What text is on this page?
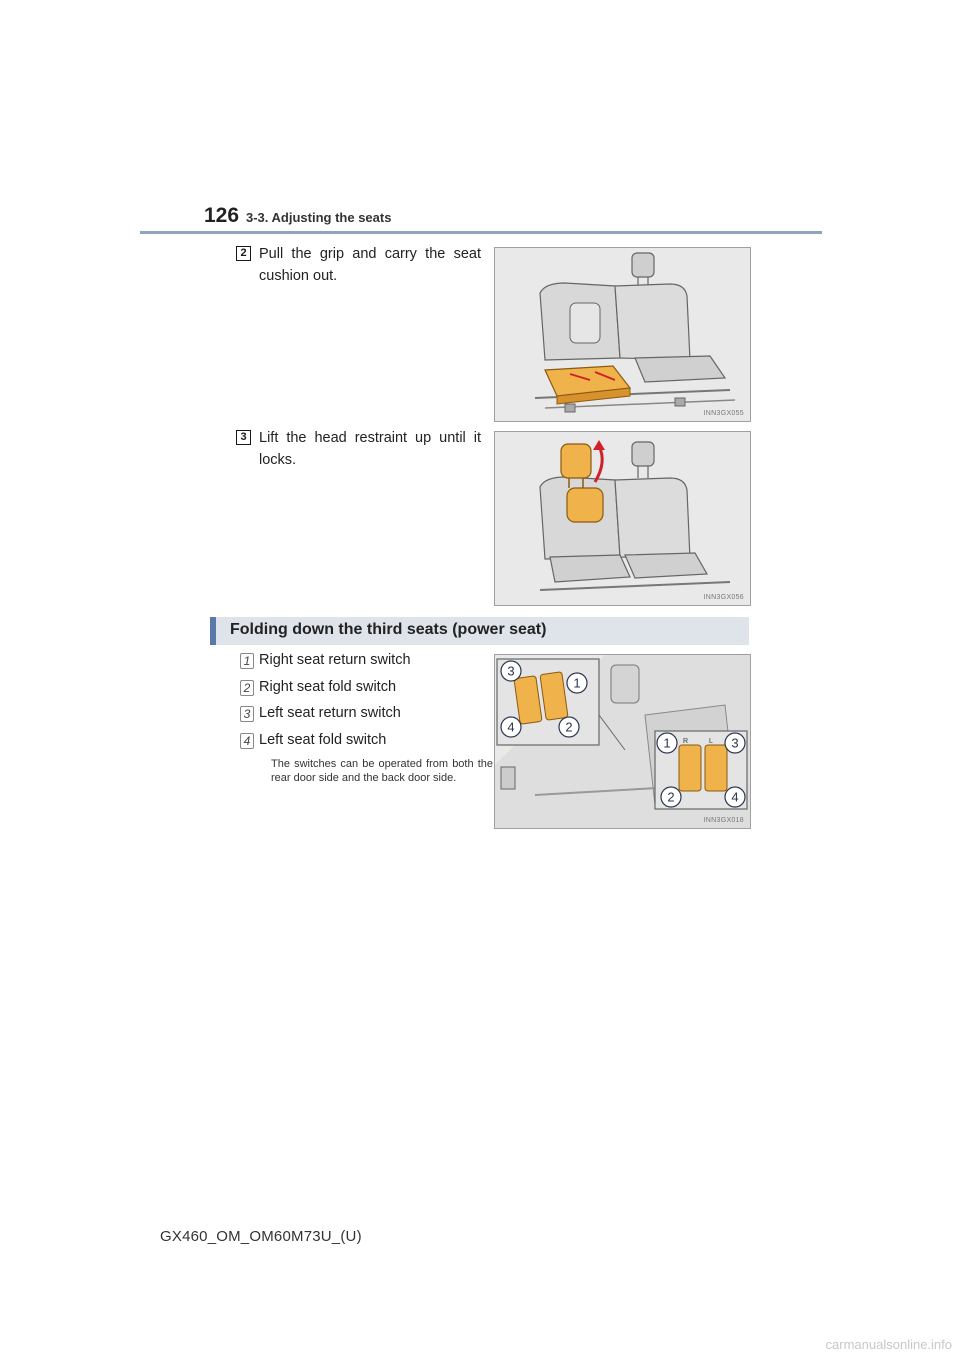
126 3-3. Adjusting the seats
2 Pull the grip and carry the seat cushion out.
INN3GX055
3 Lift the head restraint up until it locks.
INN3GX056
Folding down the third seats (power seat)
1 Right seat return switch
2 Right seat fold switch
3 Left seat return switch
4 Left seat fold switch
The switches can be operated from both the rear door side and the back door side.
3
1
4	2
R	L
1	3
2	4
INN3GX018
GX460_OM_OM60M73U_(U)
carmanualsonline.info
